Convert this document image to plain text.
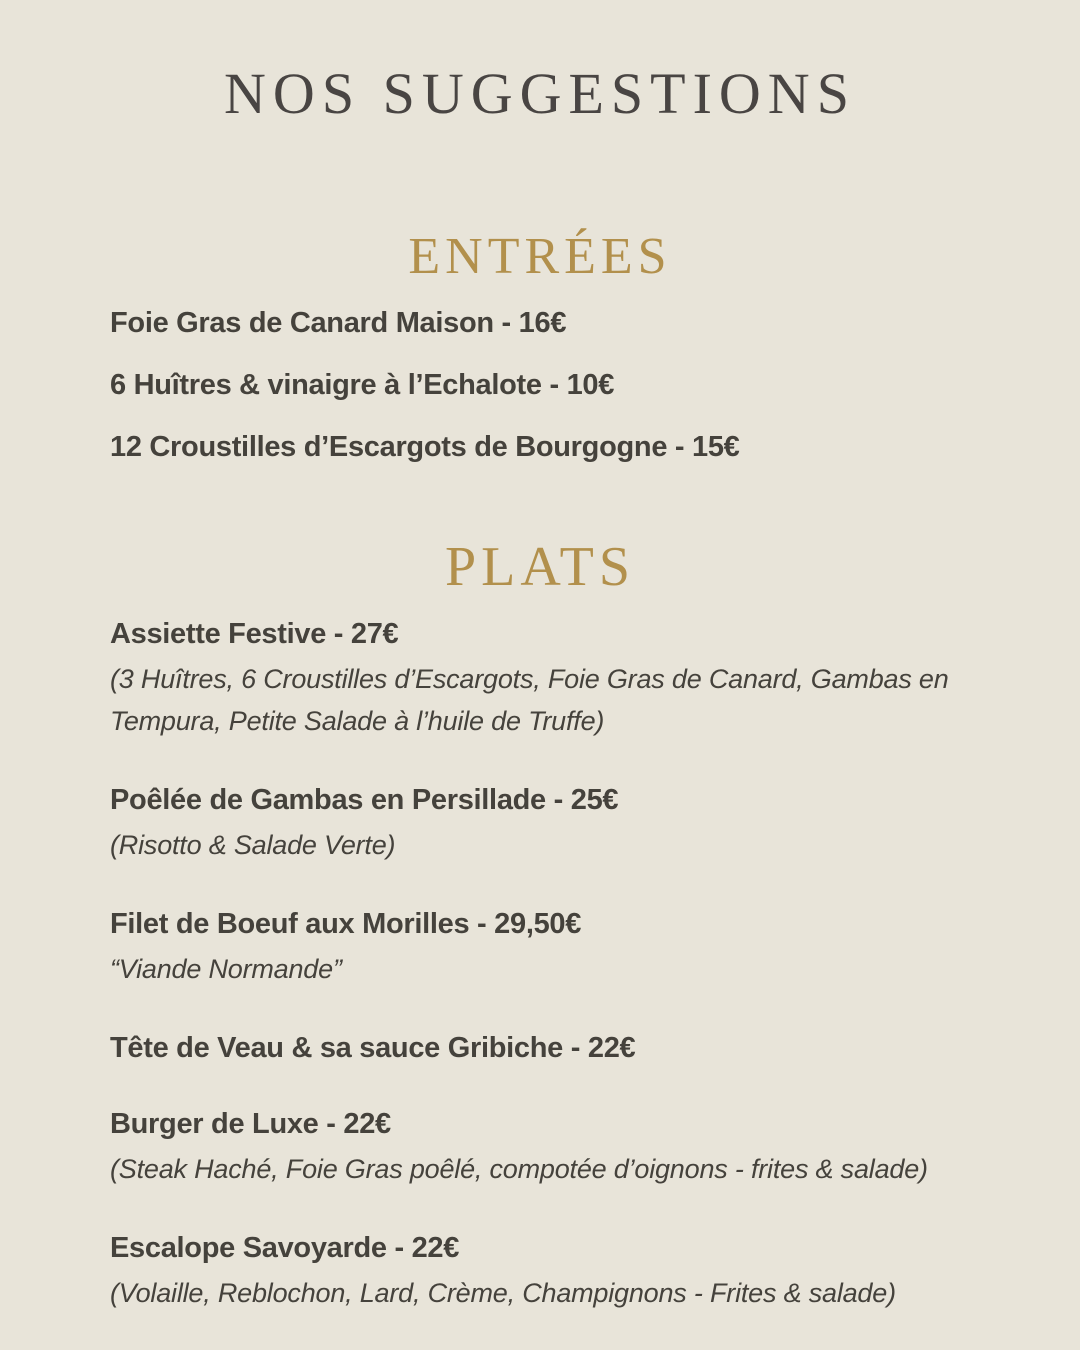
NOS SUGGESTIONS
ENTRÉES

Foie Gras de Canard Maison - 16€

6 Huîtres & vinaigre à l’Echalote - 10€

12 Croustilles d’Escargots de Bourgogne - 15€

PLATS

Assiette Festive - 27€

(3 Huîtres, 6 Croustilles d’Escargots, Foie Gras de Canard, Gambas en Tempura, Petite Salade à l’huile de Truffe)

Poêlée de Gambas en Persillade - 25€

(Risotto & Salade Verte)

Filet de Boeuf aux Morilles - 29,50€

“Viande Normande”

Tête de Veau & sa sauce Gribiche - 22€

Burger de Luxe - 22€

(Steak Haché, Foie Gras poêlé, compotée d’oignons - frites & salade)

Escalope Savoyarde - 22€

(Volaille, Reblochon, Lard, Crème, Champignons - Frites & salade)
